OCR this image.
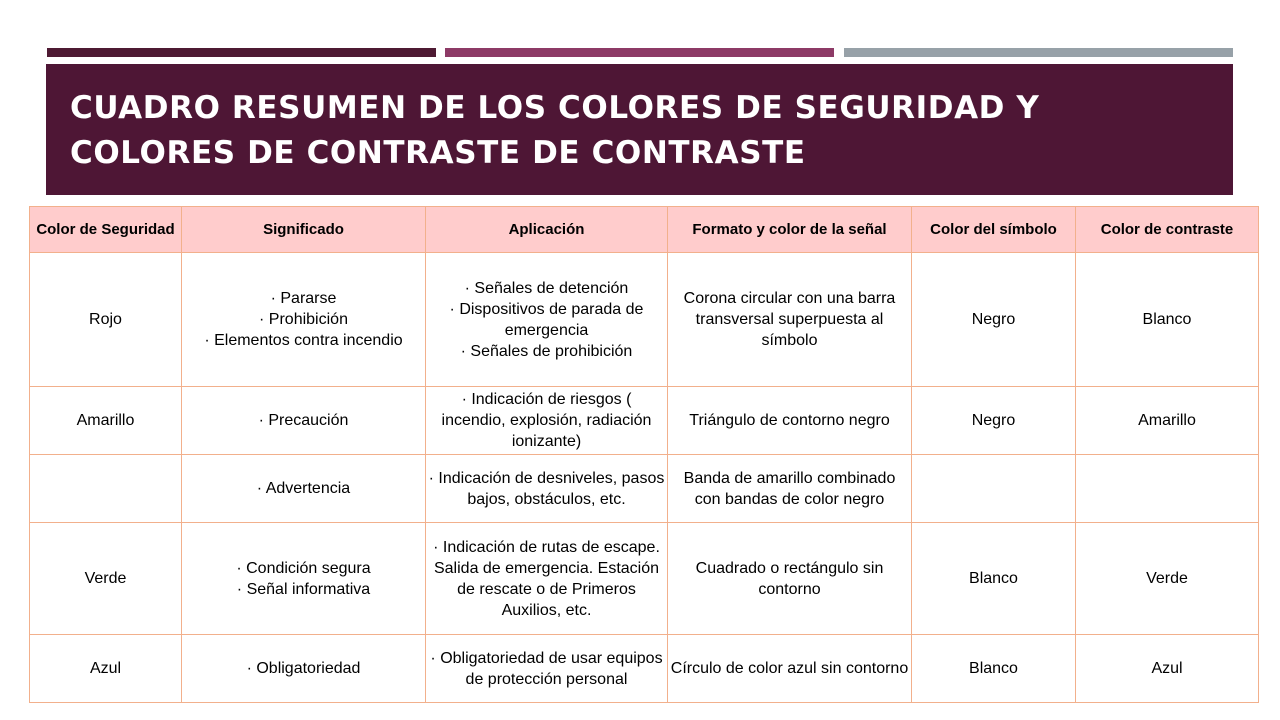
CUADRO RESUMEN DE LOS COLORES DE SEGURIDAD Y COLORES DE CONTRASTE DE CONTRASTE
Color de Seguridad	Significado	Aplicación	Formato y color de la señal	Color del símbolo	Color de contraste
Rojo	· Pararse
· Prohibición
· Elementos contra incendio	· Señales de detención
· Dispositivos de parada de emergencia
· Señales de prohibición	Corona circular con una barra transversal superpuesta al símbolo	Negro	Blanco
Amarillo	· Precaución	· Indicación de riesgos ( incendio, explosión, radiación ionizante)	Triángulo de contorno negro	Negro	Amarillo

	· Advertencia	· Indicación de desniveles, pasos bajos, obstáculos, etc.	Banda de amarillo combinado con bandas de color negro		
Verde	· Condición segura
· Señal informativa	· Indicación de rutas de escape. Salida de emergencia. Estación de rescate o de Primeros Auxilios, etc.	Cuadrado o rectángulo sin contorno	Blanco	Verde
Azul	· Obligatoriedad	· Obligatoriedad de usar equipos de protección personal	Círculo de color azul sin contorno	Blanco	Azul
